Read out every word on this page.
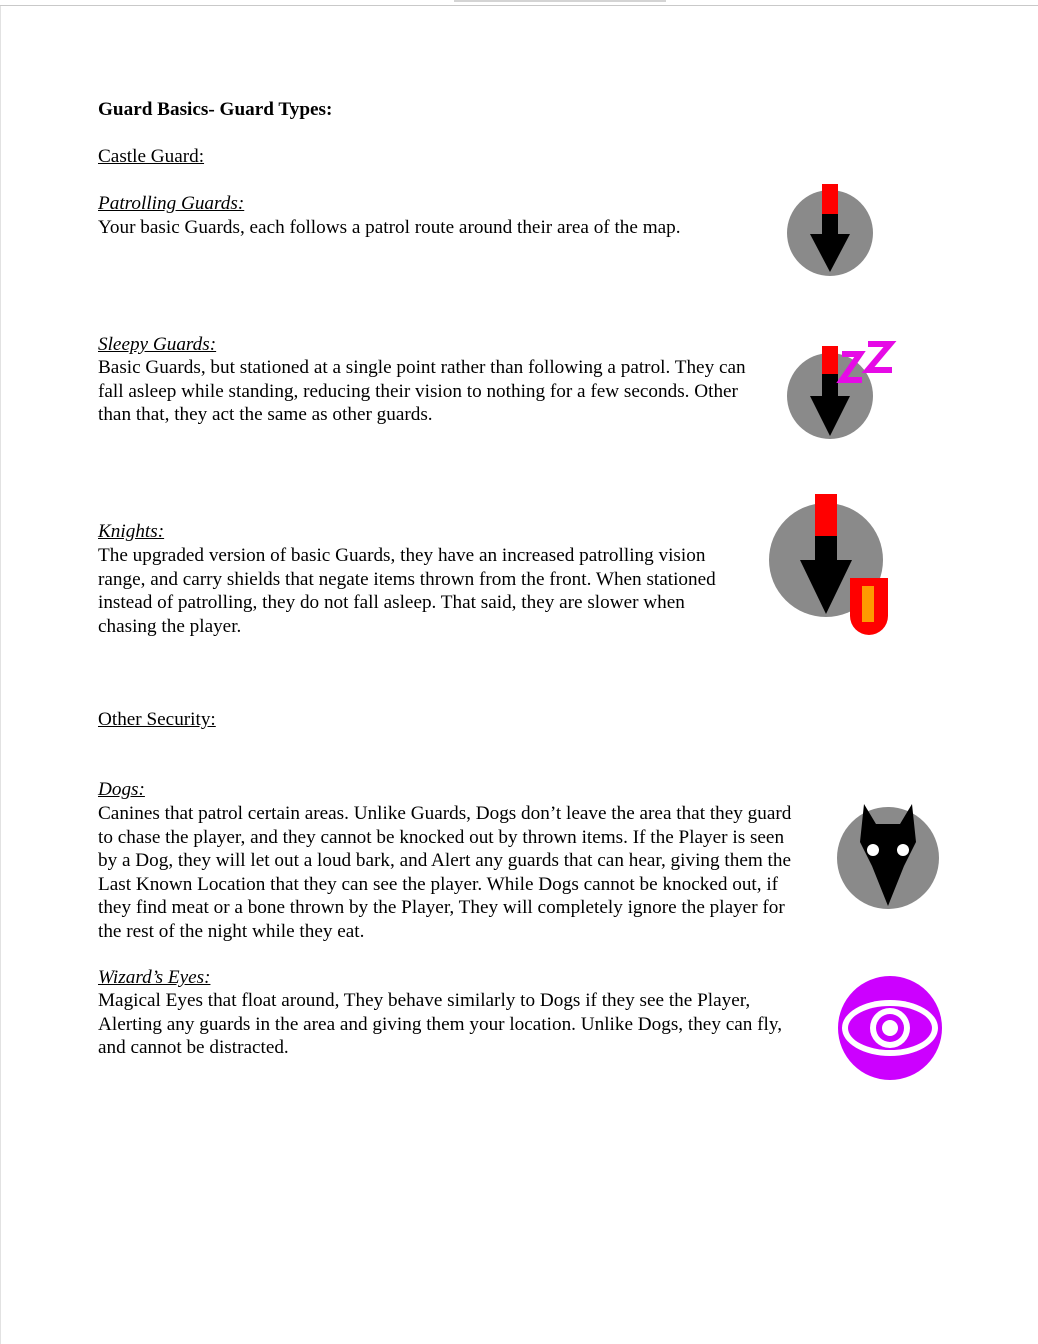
Guard Basics- Guard Types:
Castle Guard:
Patrolling Guards:
Your basic Guards, each follows a patrol route around their area of the map.
Sleepy Guards:
Basic Guards, but stationed at a single point rather than following a patrol. They can
fall asleep while standing, reducing their vision to nothing for a few seconds. Other
than that, they act the same as other guards.
Knights:
The upgraded version of basic Guards, they have an increased patrolling vision
range, and carry shields that negate items thrown from the front. When stationed
instead of patrolling, they do not fall asleep. That said, they are slower when
chasing the player.
Other Security:
Dogs:
Canines that patrol certain areas. Unlike Guards, Dogs don’t leave the area that they guard
to chase the player, and they cannot be knocked out by thrown items. If the Player is seen
by a Dog, they will let out a loud bark, and Alert any guards that can hear, giving them the
Last Known Location that they can see the player. While Dogs cannot be knocked out, if
they find meat or a bone thrown by the Player, They will completely ignore the player for
the rest of the night while they eat.
Wizard’s Eyes:
Magical Eyes that float around, They behave similarly to Dogs if they see the Player,
Alerting any guards in the area and giving them your location. Unlike Dogs, they can fly,
and cannot be distracted.
